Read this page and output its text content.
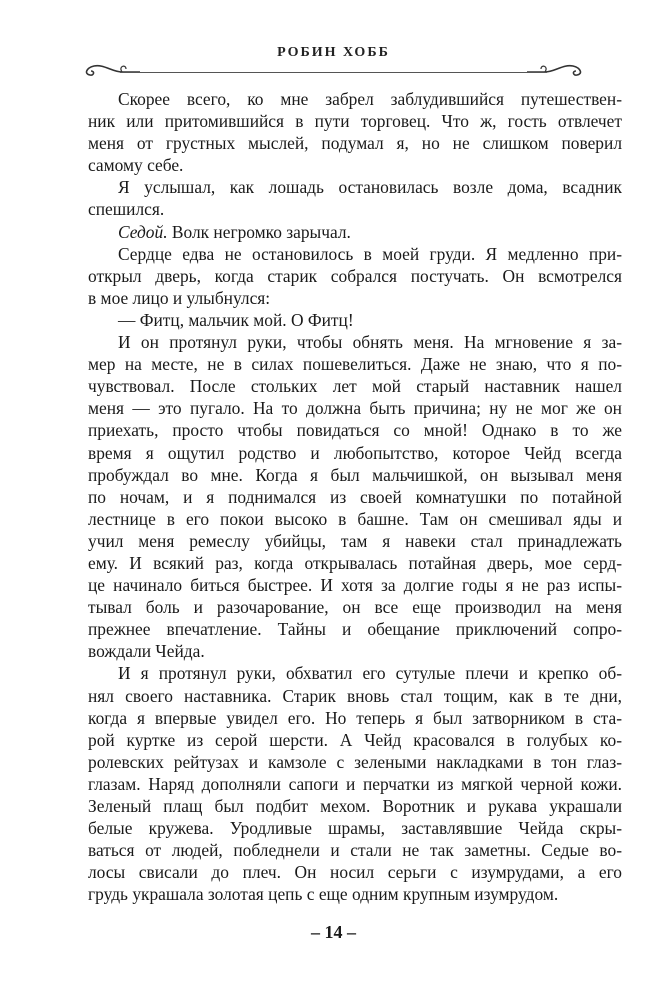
РОБИН ХОББ
Скорее всего, ко мне забрел заблудившийся путешествен-
ник или притомившийся в пути торговец. Что ж, гость отвлечет
меня от грустных мыслей, подумал я, но не слишком поверил
самому себе.
Я услышал, как лошадь остановилась возле дома, всадник
спешился.
Седой. Волк негромко зарычал.
Сердце едва не остановилось в моей груди. Я медленно при-
открыл дверь, когда старик собрался постучать. Он всмотрелся
в мое лицо и улыбнулся:
— Фитц, мальчик мой. О Фитц!
И он протянул руки, чтобы обнять меня. На мгновение я за-
мер на месте, не в силах пошевелиться. Даже не знаю, что я по-
чувствовал. После стольких лет мой старый наставник нашел
меня — это пугало. На то должна быть причина; ну не мог же он
приехать, просто чтобы повидаться со мной! Однако в то же
время я ощутил родство и любопытство, которое Чейд всегда
пробуждал во мне. Когда я был мальчишкой, он вызывал меня
по ночам, и я поднимался из своей комнатушки по потайной
лестнице в его покои высоко в башне. Там он смешивал яды и
учил меня ремеслу убийцы, там я навеки стал принадлежать
ему. И всякий раз, когда открывалась потайная дверь, мое серд-
це начинало биться быстрее. И хотя за долгие годы я не раз испы-
тывал боль и разочарование, он все еще производил на меня
прежнее впечатление. Тайны и обещание приключений сопро-
вождали Чейда.
И я протянул руки, обхватил его сутулые плечи и крепко об-
нял своего наставника. Старик вновь стал тощим, как в те дни,
когда я впервые увидел его. Но теперь я был затворником в ста-
рой куртке из серой шерсти. А Чейд красовался в голубых ко-
ролевских рейтузах и камзоле с зелеными накладками в тон глаз-
глазам. Наряд дополняли сапоги и перчатки из мягкой черной кожи.
Зеленый плащ был подбит мехом. Воротник и рукава украшали
белые кружева. Уродливые шрамы, заставлявшие Чейда скры-
ваться от людей, побледнели и стали не так заметны. Седые во-
лосы свисали до плеч. Он носил серьги с изумрудами, а его
грудь украшала золотая цепь с еще одним крупным изумрудом.
– 14 –
